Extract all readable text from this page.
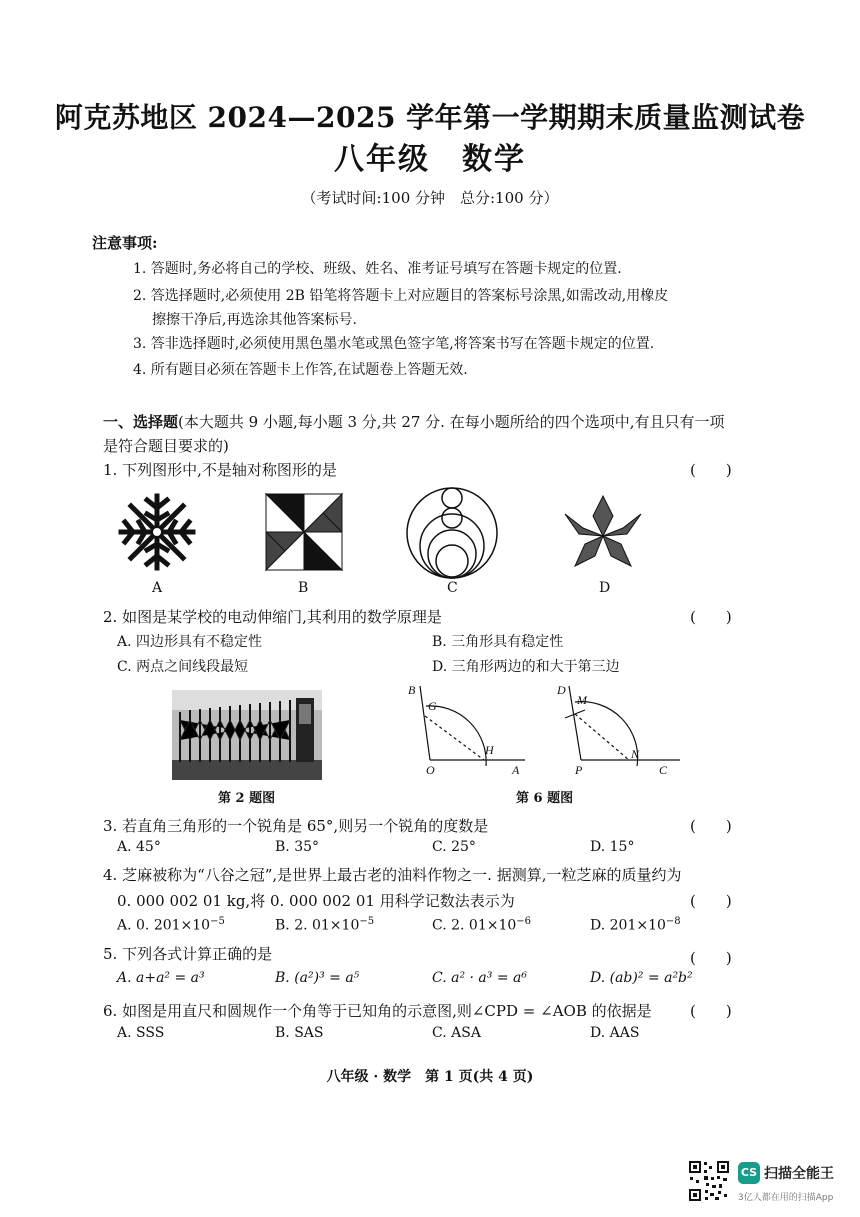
阿克苏地区 2024—2025 学年第一学期期末质量监测试卷
八年级　数学
（考试时间:100 分钟　总分:100 分）
注意事项:
1. 答题时,务必将自己的学校、班级、姓名、准考证号填写在答题卡规定的位置.
2. 答选择题时,必须使用 2B 铅笔将答题卡上对应题目的答案标号涂黑,如需改动,用橡皮
擦擦干净后,再选涂其他答案标号.
3. 答非选择题时,必须使用黑色墨水笔或黑色签字笔,将答案书写在答题卡规定的位置.
4. 所有题目必须在答题卡上作答,在试题卷上答题无效.
一、选择题(本大题共 9 小题,每小题 3 分,共 27 分. 在每小题所给的四个选项中,有且只有一项
是符合题目要求的)
1. 下列图形中,不是轴对称图形的是	(　　)
A	B	C	D
2. 如图是某学校的电动伸缩门,其利用的数学原理是	(　　)
A. 四边形具有不稳定性	B. 三角形具有稳定性
C. 两点之间线段最短	D. 三角形两边的和大于第三边
第 2 题图
B
G
H
O	A
D
M
N
P	C
第 6 题图
3. 若直角三角形的一个锐角是 65°,则另一个锐角的度数是	(　　)
A. 45°	B. 35°	C. 25°	D. 15°
4. 芝麻被称为“八谷之冠”,是世界上最古老的油料作物之一. 据测算,一粒芝麻的质量约为
0. 000 002 01 kg,将 0. 000 002 01 用科学记数法表示为	(　　)
A. 0. $201\times 10^{-5}$	B. 2. $01\times 10^{-5}$	C. 2. $01\times 10^{-6}$	D. $201\times 10^{-8}$
5. 下列各式计算正确的是	(　　)
A. a+a² = a³	B. (a²)³ = a⁵	C. a² · a³ = a⁶	D. (ab)² = a²b²
6. 如图是用直尺和圆规作一个角等于已知角的示意图,则∠CPD = ∠AOB 的依据是	(　　)
A. SSS	B. SAS	C. ASA	D. AAS
八年级 · 数学　第 1 页(共 4 页)
CS 扫描全能王
3亿人都在用的扫描App
